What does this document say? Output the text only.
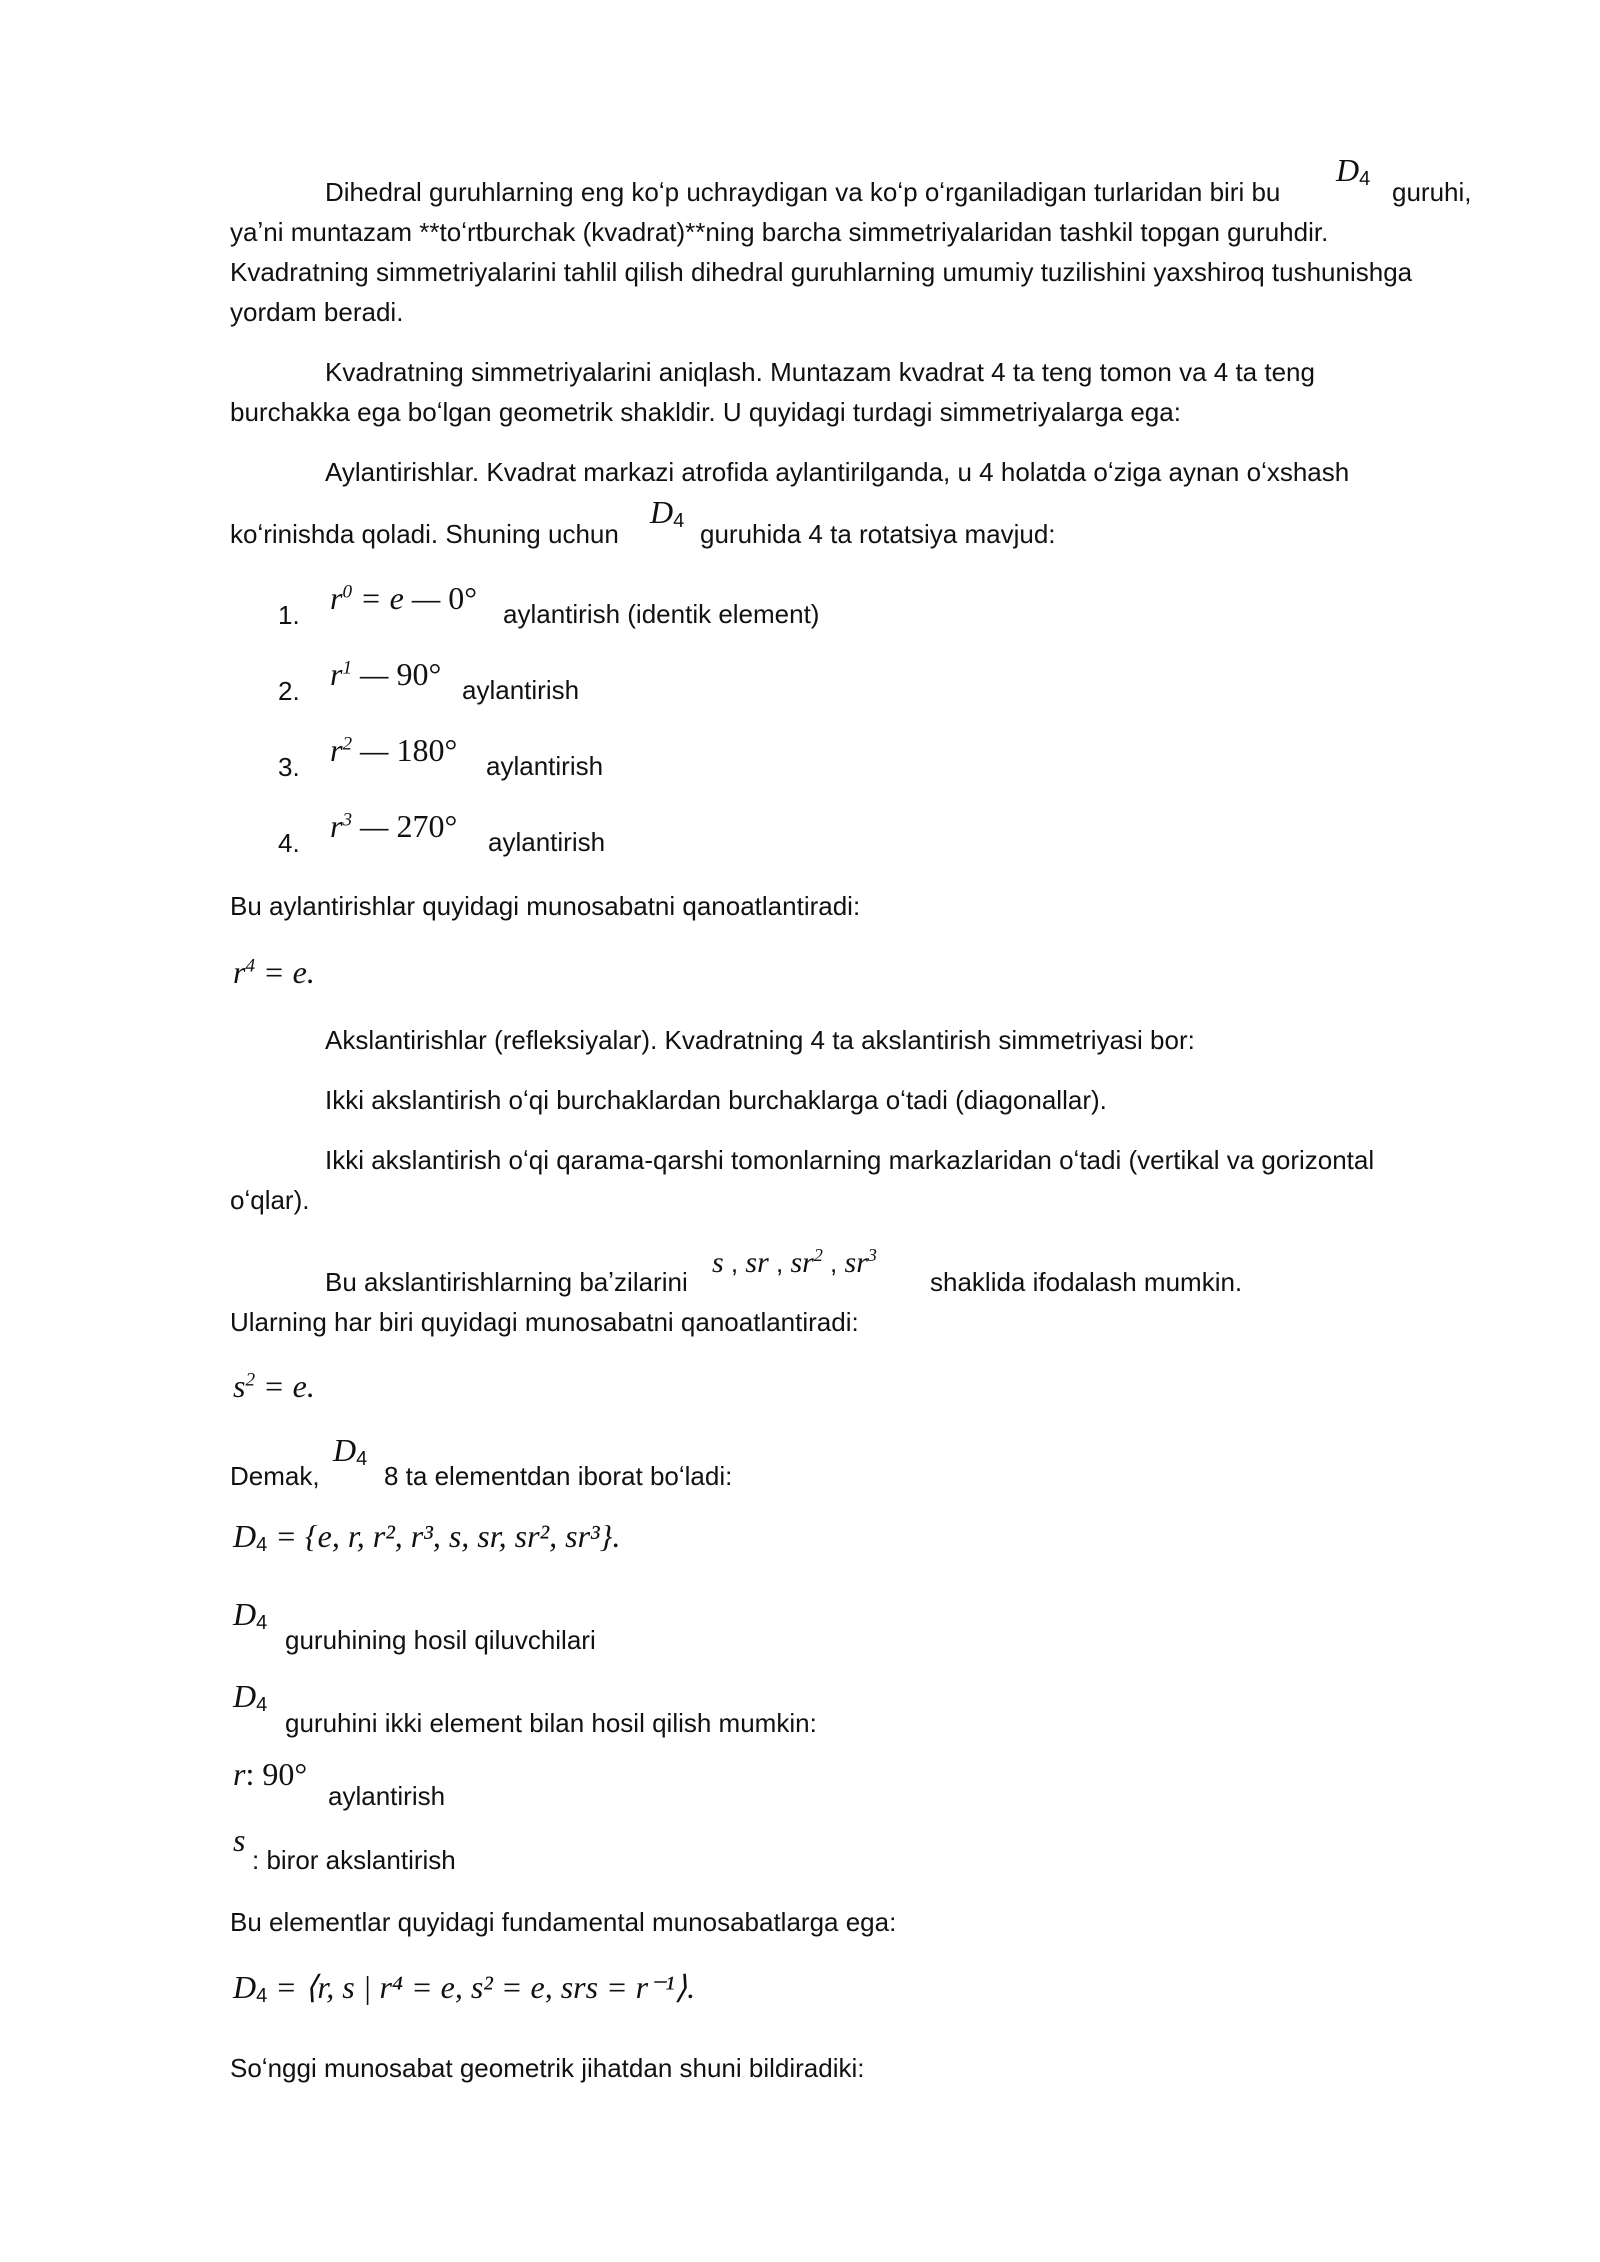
Dihedral guruhlarning eng koʻp uchraydigan va koʻp oʻrganiladigan turlaridan biri bu
$D_4$ guruhi,
yaʼni muntazam **toʻrtburchak (kvadrat)**ning barcha simmetriyalaridan tashkil topgan guruhdir.
Kvadratning simmetriyalarini tahlil qilish dihedral guruhlarning umumiy tuzilishini yaxshiroq tushunishga
yordam beradi.
Kvadratning simmetriyalarini aniqlash. Muntazam kvadrat 4 ta teng tomon va 4 ta teng
burchakka ega boʻlgan geometrik shakldir. U quyidagi turdagi simmetriyalarga ega:
Aylantirishlar. Kvadrat markazi atrofida aylantirilganda, u 4 holatda oʻziga aynan oʻxshash
koʻrinishda qoladi. Shuning uchun
$D_4$ guruhida 4 ta rotatsiya mavjud:
1. $r^0 = e$ — 0° aylantirish (identik element)
2. $r^1$ — 90° aylantirish
3. $r^2$ — 180° aylantirish
4. $r^3$ — 270° aylantirish
Bu aylantirishlar quyidagi munosabatni qanoatlantiradi:
$r^4 = e$.
Akslantirishlar (refleksiyalar). Kvadratning 4 ta akslantirish simmetriyasi bor:
Ikki akslantirish oʻqi burchaklardan burchaklarga oʻtadi (diagonallar).
Ikki akslantirish oʻqi qarama-qarshi tomonlarning markazlaridan oʻtadi (vertikal va gorizontal
oʻqlar).
Bu akslantirishlarning baʼzilarini
s , sr , $sr^2$ , $sr^3$
shaklida ifodalash mumkin.
Ularning har biri quyidagi munosabatni qanoatlantiradi:
$s^2 = e$.
Demak,
$D_4$
8 ta elementdan iborat boʻladi:
$D_4 = \{e$, r, r², r³, s, sr, sr², sr³}.
$D_4$
guruhining hosil qiluvchilari
$D_4$
guruhini ikki element bilan hosil qilish mumkin:
r: 90°
aylantirish
s
: biror akslantirish
Bu elementlar quyidagi fundamental munosabatlarga ega:
$D_4$ = ⟨r, s | r⁴ = e, s² = e, srs = r⁻¹⟩.
Soʻnggi munosabat geometrik jihatdan shuni bildiradiki:
